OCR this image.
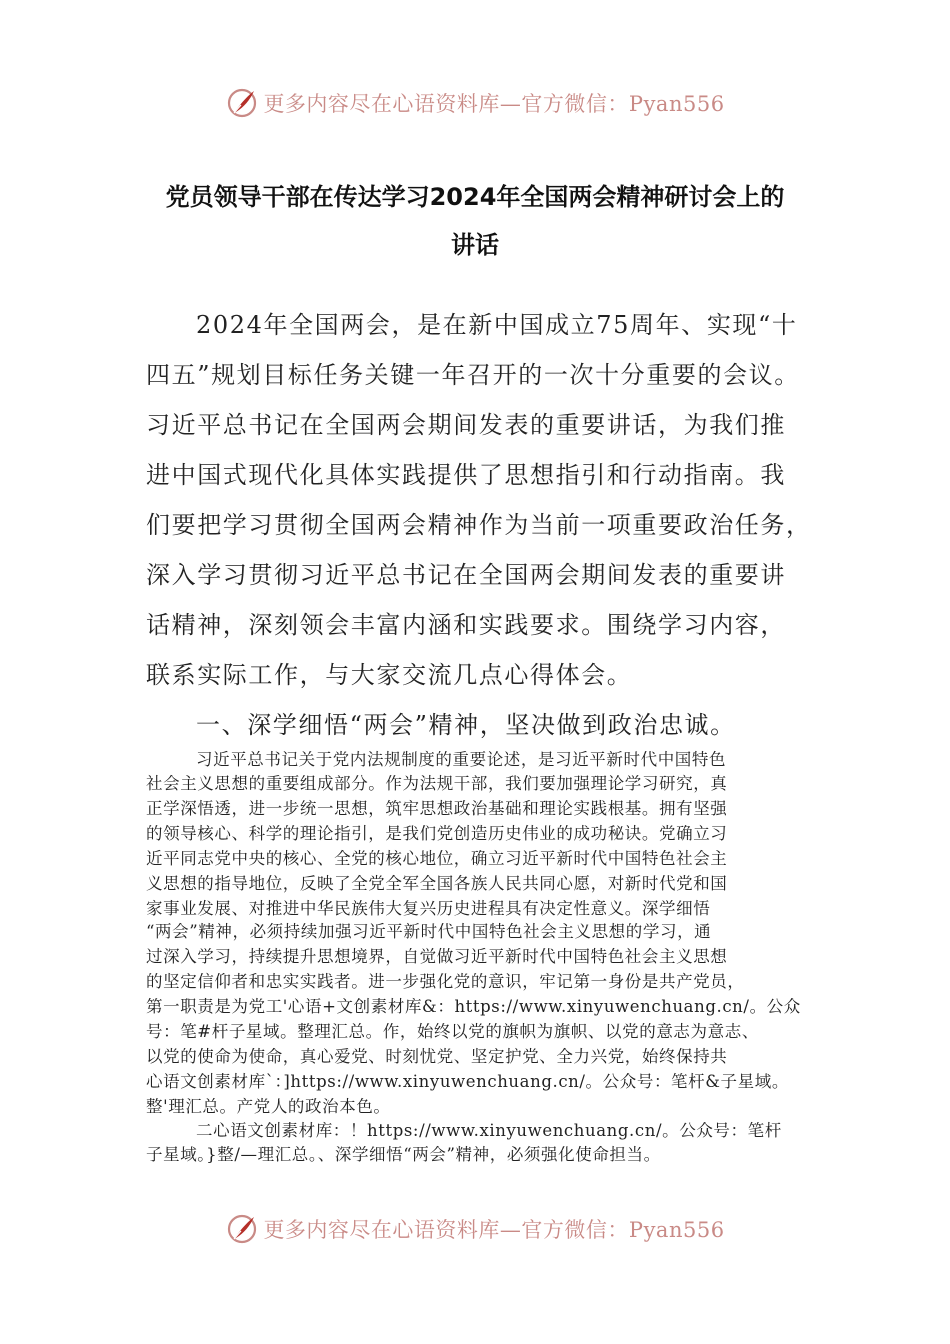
更多内容尽在心语资料库—官方微信：Pyan556
党员领导干部在传达学习2024年全国两会精神研讨会上的
讲话
2024年全国两会，是在新中国成立75周年、实现“十
四五”规划目标任务关键一年召开的一次十分重要的会议。
习近平总书记在全国两会期间发表的重要讲话，为我们推
进中国式现代化具体实践提供了思想指引和行动指南。我
们要把学习贯彻全国两会精神作为当前一项重要政治任务，
深入学习贯彻习近平总书记在全国两会期间发表的重要讲
话精神，深刻领会丰富内涵和实践要求。围绕学习内容，
联系实际工作，与大家交流几点心得体会。
一、深学细悟“两会”精神，坚决做到政治忠诚。
习近平总书记关于党内法规制度的重要论述，是习近平新时代中国特色
社会主义思想的重要组成部分。作为法规干部，我们要加强理论学习研究，真
正学深悟透，进一步统一思想，筑牢思想政治基础和理论实践根基。拥有坚强
的领导核心、科学的理论指引，是我们党创造历史伟业的成功秘诀。党确立习
近平同志党中央的核心、全党的核心地位，确立习近平新时代中国特色社会主
义思想的指导地位，反映了全党全军全国各族人民共同心愿，对新时代党和国
家事业发展、对推进中华民族伟大复兴历史进程具有决定性意义。深学细悟
“两会”精神，必须持续加强习近平新时代中国特色社会主义思想的学习，通
过深入学习，持续提升思想境界，自觉做习近平新时代中国特色社会主义思想
的坚定信仰者和忠实实践者。进一步强化党的意识，牢记第一身份是共产党员，
第一职责是为党工'心语+文创素材库&：https://www.xinyuwenchuang.cn/。公众
号：笔#杆子星域。整理汇总。作，始终以党的旗帜为旗帜、以党的意志为意志、
以党的使命为使命，真心爱党、时刻忧党、坚定护党、全力兴党，始终保持共
心语文创素材库`：]https://www.xinyuwenchuang.cn/。公众号：笔杆&子星域。
整'理汇总。产党人的政治本色。
二心语文创素材库：！https://www.xinyuwenchuang.cn/。公众号：笔杆
子星域。}整/—理汇总。、深学细悟“两会”精神，必须强化使命担当。
更多内容尽在心语资料库—官方微信：Pyan556
